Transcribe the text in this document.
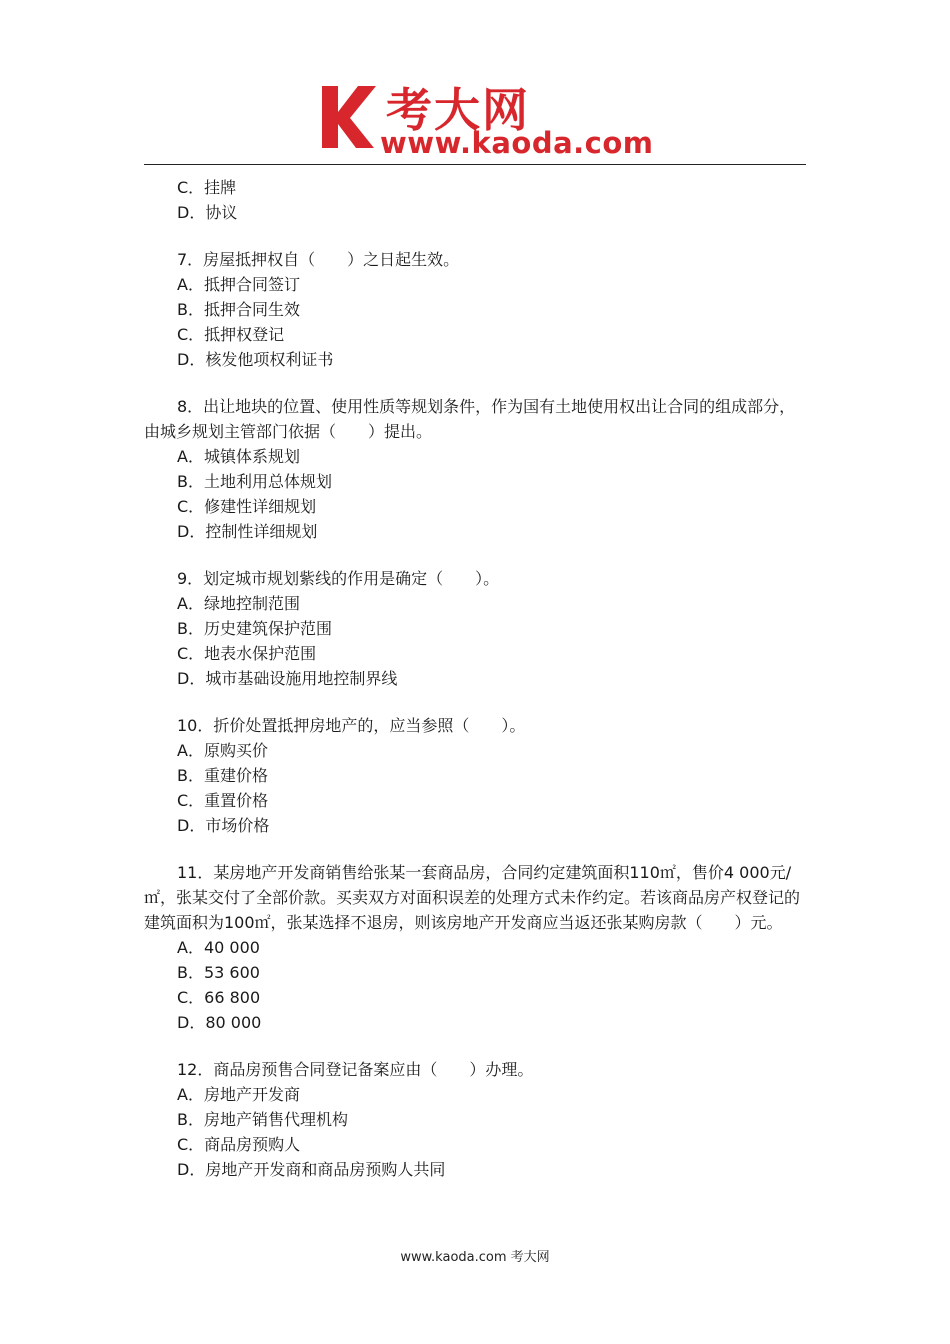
考大网
www.kaoda.com
C．挂牌
D．协议
7．房屋抵押权自（　　）之日起生效。
A．抵押合同签订
B．抵押合同生效
C．抵押权登记
D．核发他项权利证书
8．出让地块的位置、使用性质等规划条件，作为国有土地使用权出让合同的组成部分，由城乡规划主管部门依据（　　）提出。
A．城镇体系规划
B．土地利用总体规划
C．修建性详细规划
D．控制性详细规划
9．划定城市规划紫线的作用是确定（　　）。
A．绿地控制范围
B．历史建筑保护范围
C．地表水保护范围
D．城市基础设施用地控制界线
10．折价处置抵押房地产的，应当参照（　　）。
A．原购买价
B．重建价格
C．重置价格
D．市场价格
11．某房地产开发商销售给张某一套商品房，合同约定建筑面积110㎡，售价4 000元/㎡，张某交付了全部价款。买卖双方对面积误差的处理方式未作约定。若该商品房产权登记的建筑面积为100㎡，张某选择不退房，则该房地产开发商应当返还张某购房款（　　）元。
A．40 000
B．53 600
C．66 800
D．80 000
12．商品房预售合同登记备案应由（　　）办理。
A．房地产开发商
B．房地产销售代理机构
C．商品房预购人
D．房地产开发商和商品房预购人共同
www.kaoda.com 考大网
